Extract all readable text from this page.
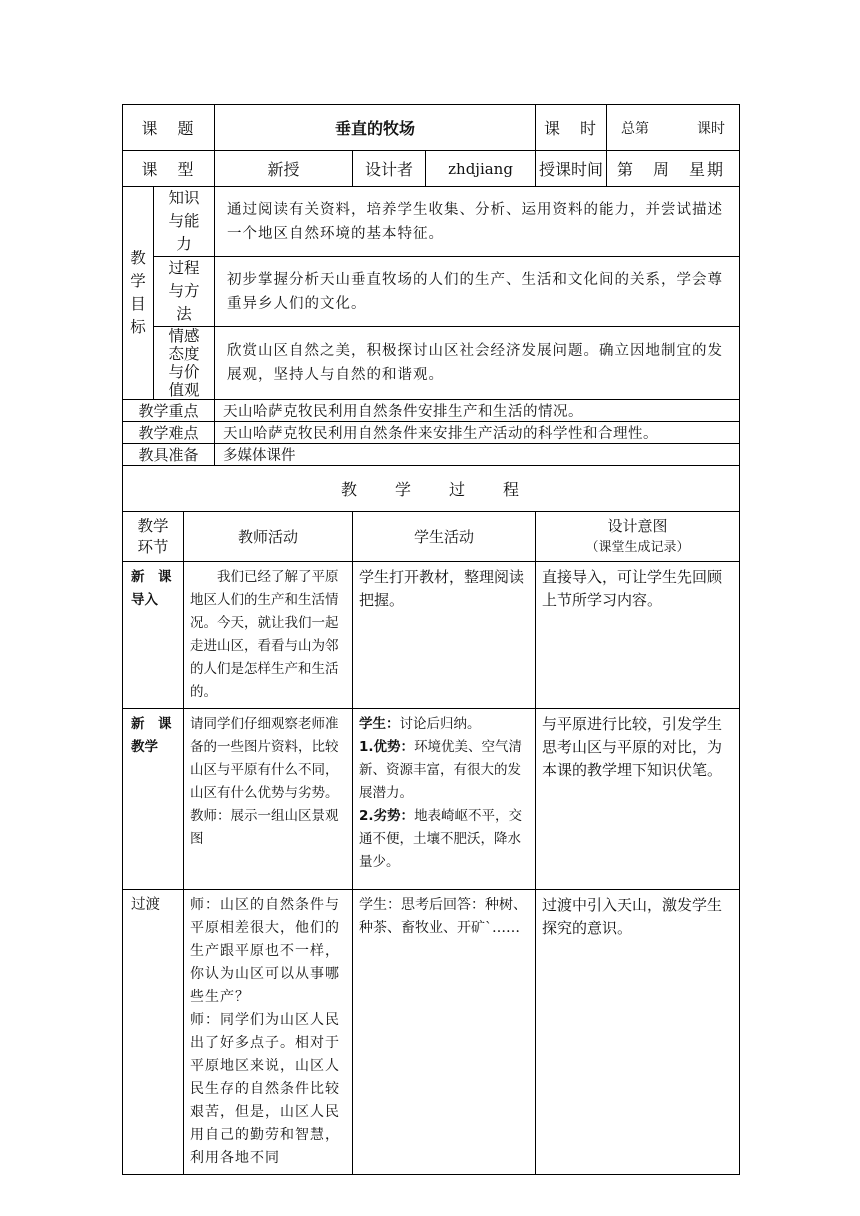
课　题			垂直的牧场			课　时	总第 课时
课　型			新授	设计者	zhdjiang	授课时间	第　周　星期
教学目标	知识与能力		通过阅读有关资料，培养学生收集、分析、运用资料的能力，并尝试描述一个地区自然环境的基本特征。				
	过程与方法		初步掌握分析天山垂直牧场的人们的生产、生活和文化间的关系，学会尊重异乡人们的文化。				
	情感态度与价值观		欣赏山区自然之美，积极探讨山区社会经济发展问题。确立因地制宜的发展观，坚持人与自然的和谐观。				
教学重点			天山哈萨克牧民利用自然条件安排生产和生活的情况。				
教学难点			天山哈萨克牧民利用自然条件来安排生产活动的科学性和合理性。				
教具准备			多媒体课件				
教　　学　　过　　程							
教学环节		教师活动		学生活动		设计意图
（课堂生成记录）	

新　课导入		我们已经了解了平原地区人们的生产和生活情况。今天，就让我们一起走进山区，看看与山为邻的人们是怎样生产和生活的。		学生打开教材，整理阅读把握。		直接导入，可让学生先回顾上节所学习内容。	
新　课教学		请同学们仔细观察老师准备的一些图片资料，比较山区与平原有什么不同，山区有什么优势与劣势。教师：展示一组山区景观图		学生：讨论后归纳。
1.优势：环境优美、空气清新、资源丰富，有很大的发展潜力。
2.劣势：地表崎岖不平，交通不便，土壤不肥沃，降水量少。		与平原进行比较，引发学生思考山区与平原的对比，为本课的教学埋下知识伏笔。	
过渡		师：山区的自然条件与平原相差很大，他们的生产跟平原也不一样，你认为山区可以从事哪些生产？
师：同学们为山区人民出了好多点子。相对于平原地区来说，山区人民生存的自然条件比较艰苦，但是，山区人民用自己的勤劳和智慧，利用各地不同		学生：思考后回答：种树、种茶、畜牧业、开矿`……		过渡中引入天山，激发学生探究的意识。	
